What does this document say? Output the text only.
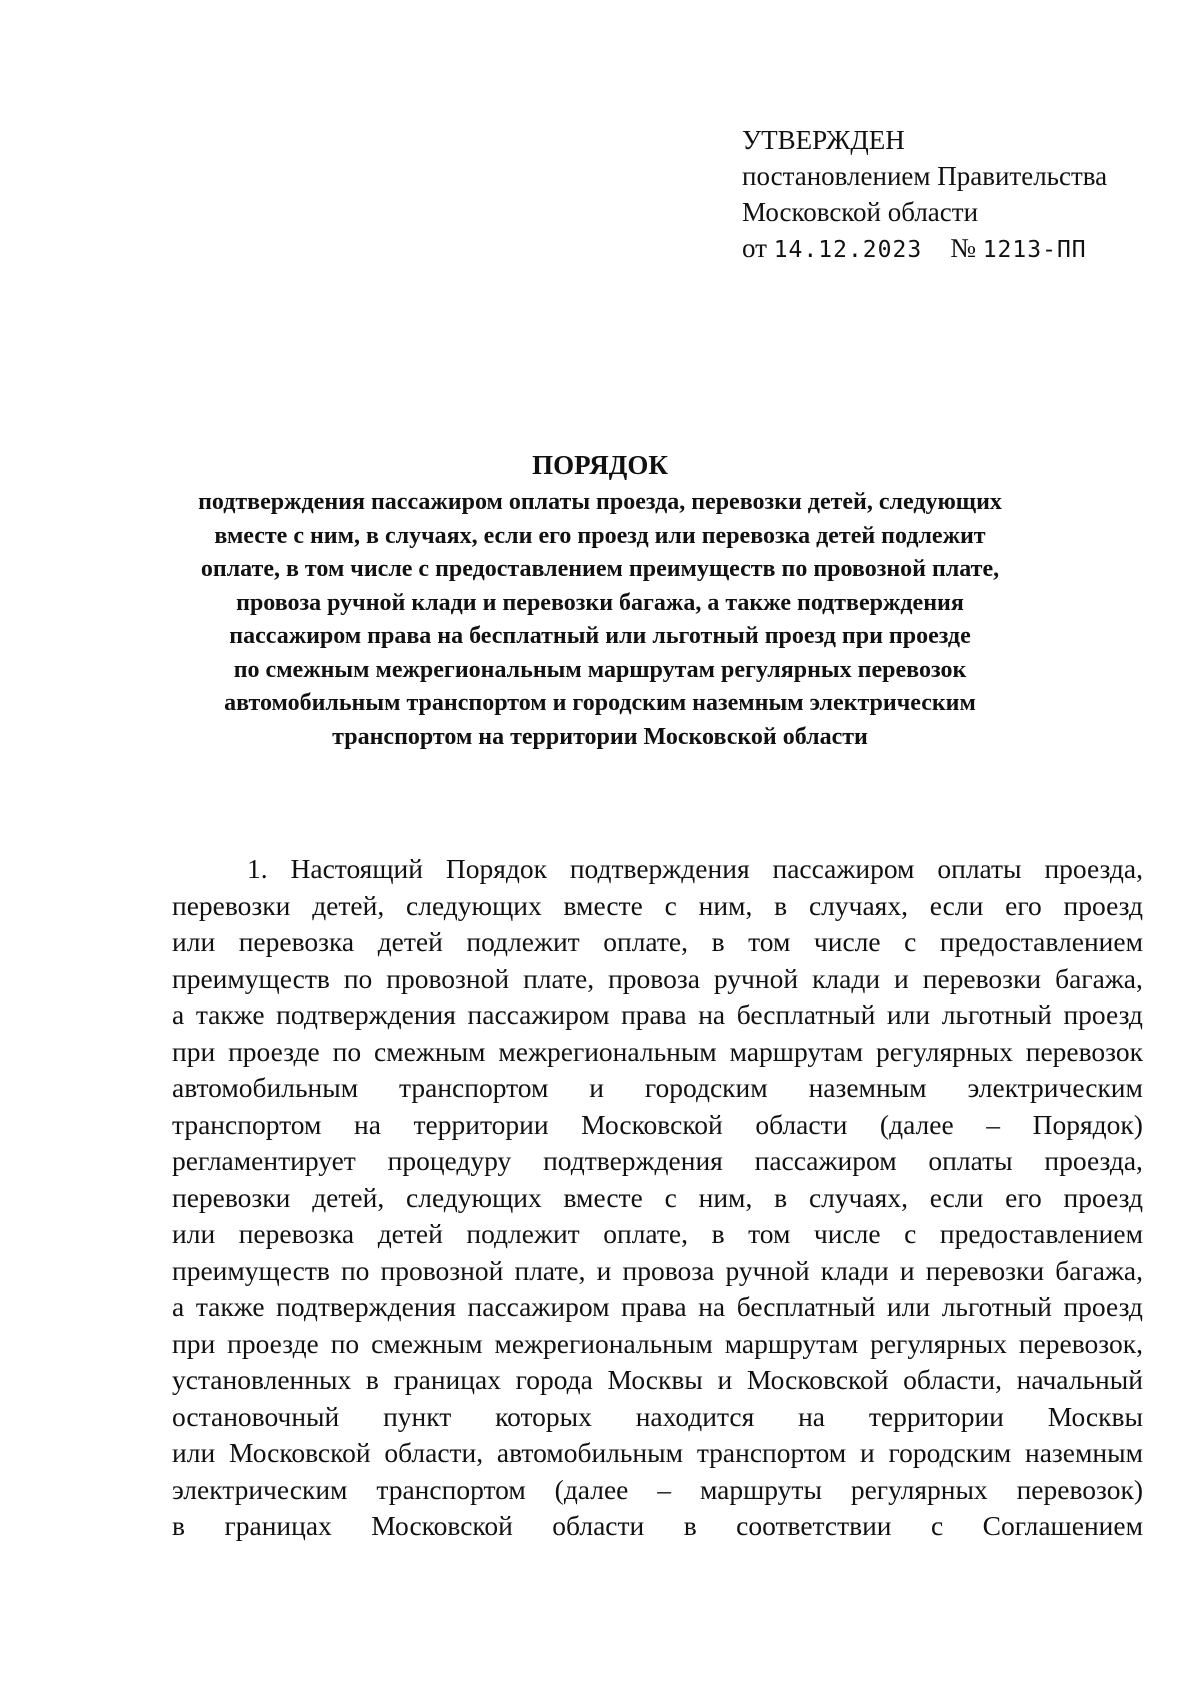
УТВЕРЖДЕН
постановлением Правительства
Московской области
от 14.12.2023 № 1213-ПП
ПОРЯДОК
подтверждения пассажиром оплаты проезда, перевозки детей, следующих
вместе с ним, в случаях, если его проезд или перевозка детей подлежит
оплате, в том числе с предоставлением преимуществ по провозной плате,
провоза ручной клади и перевозки багажа, а также подтверждения
пассажиром права на бесплатный или льготный проезд при проезде
по смежным межрегиональным маршрутам регулярных перевозок
автомобильным транспортом и городским наземным электрическим
транспортом на территории Московской области
1. Настоящий Порядок подтверждения пассажиром оплаты проезда,
перевозки детей, следующих вместе с ним, в случаях, если его проезд
или перевозка детей подлежит оплате, в том числе с предоставлением
преимуществ по провозной плате, провоза ручной клади и перевозки багажа,
а также подтверждения пассажиром права на бесплатный или льготный проезд
при проезде по смежным межрегиональным маршрутам регулярных перевозок
автомобильным транспортом и городским наземным электрическим
транспортом на территории Московской области (далее – Порядок)
регламентирует процедуру подтверждения пассажиром оплаты проезда,
перевозки детей, следующих вместе с ним, в случаях, если его проезд
или перевозка детей подлежит оплате, в том числе с предоставлением
преимуществ по провозной плате, и провоза ручной клади и перевозки багажа,
а также подтверждения пассажиром права на бесплатный или льготный проезд
при проезде по смежным межрегиональным маршрутам регулярных перевозок,
установленных в границах города Москвы и Московской области, начальный
остановочный пункт которых находится на территории Москвы
или Московской области, автомобильным транспортом и городским наземным
электрическим транспортом (далее – маршруты регулярных перевозок)
в границах Московской области в соответствии с Соглашением
